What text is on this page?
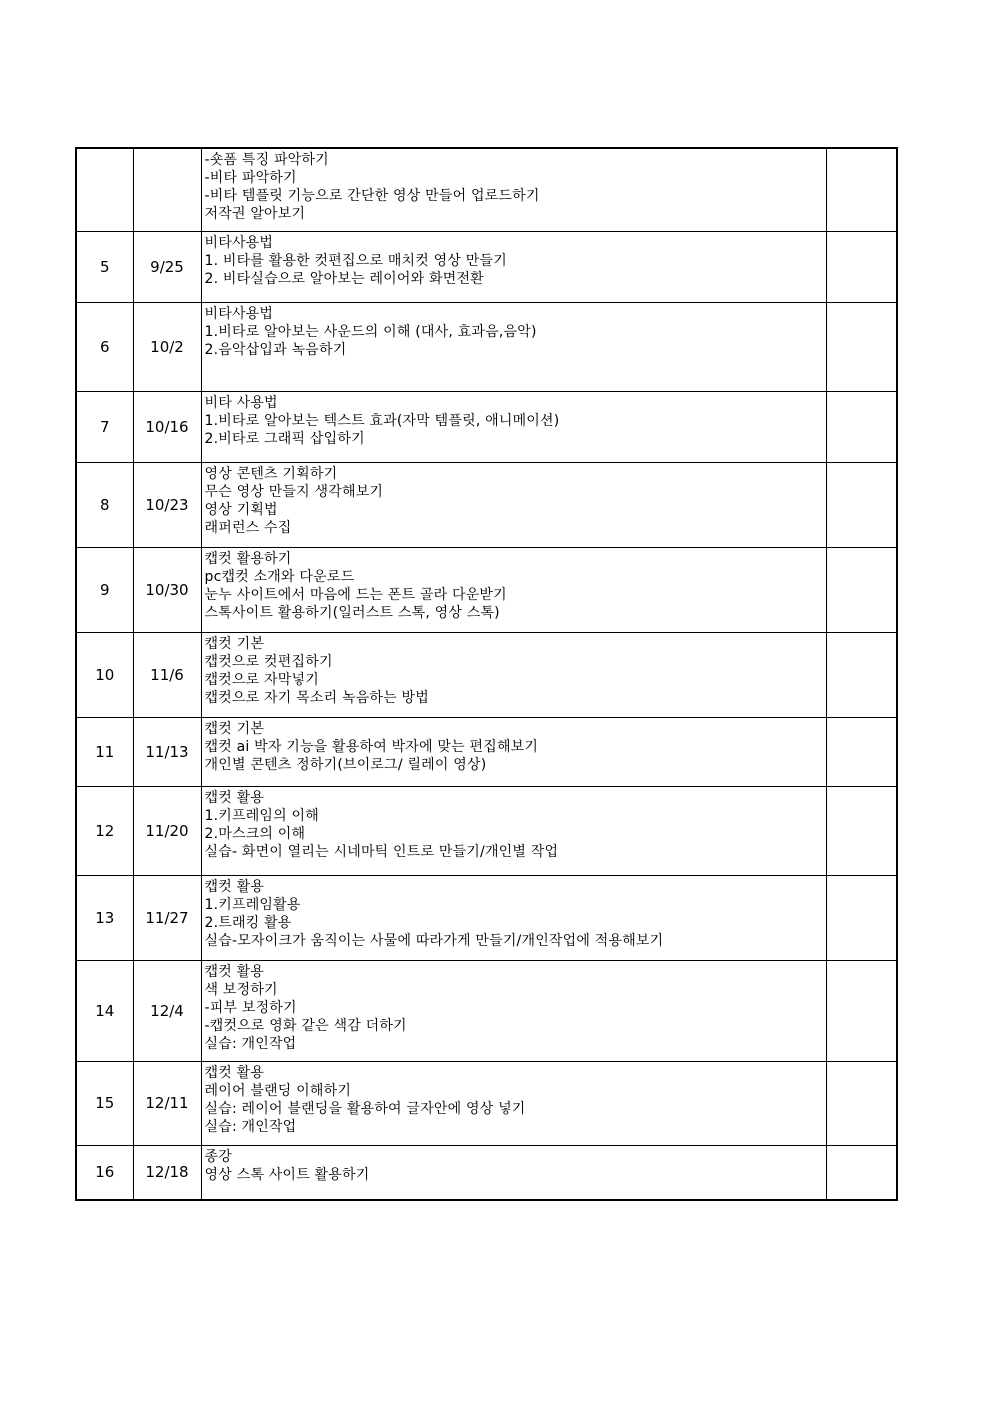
		-숏폼 특징 파악하기
-비타 파악하기
-비타 템플릿 기능으로 간단한 영상 만들어 업로드하기
저작권 알아보기	

5	9/25	비타사용법
1. 비타를 활용한 컷편집으로 매치컷 영상 만들기
2. 비타실습으로 알아보는 레이어와 화면전환	

6	10/2	비타사용법
1.비타로 알아보는 사운드의 이해 (대사, 효과음,음악)
2.음악삽입과 녹음하기	

7	10/16	비타 사용법
1.비타로 알아보는 텍스트 효과(자막 템플릿, 애니메이션)
2.비타로 그래픽 삽입하기	

8	10/23	영상 콘텐츠 기획하기
무슨 영상 만들지 생각해보기
영상 기획법
래퍼런스 수집	

9	10/30	캡컷 활용하기
pc캡컷 소개와 다운로드
눈누 사이트에서 마음에 드는 폰트 골라 다운받기
스톡사이트 활용하기(일러스트 스톡, 영상 스톡)	

10	11/6	캡컷 기본
캡컷으로 컷편집하기
캡컷으로 자막넣기
캡컷으로 자기 목소리 녹음하는 방법	

11	11/13	캡컷 기본
캡컷 ai 박자 기능을 활용하여 박자에 맞는 편집해보기
개인별 콘텐츠 정하기(브이로그/ 릴레이 영상)	

12	11/20	캡컷 활용
1.키프레임의 이해
2.마스크의 이해
실습- 화면이 열리는 시네마틱 인트로 만들기/개인별 작업	

13	11/27	캡컷 활용
1.키프레임활용
2.트래킹 활용
실습-모자이크가 움직이는 사물에 따라가게 만들기/개인작업에 적용해보기	

14	12/4	캡컷 활용
색 보정하기
-피부 보정하기
-캡컷으로 영화 같은 색감 더하기
실습: 개인작업	

15	12/11	캡컷 활용
레이어 블랜딩 이해하기
실습: 레이어 블랜딩을 활용하여 글자안에 영상 넣기
실습: 개인작업	

16	12/18	종강
영상 스톡 사이트 활용하기	
